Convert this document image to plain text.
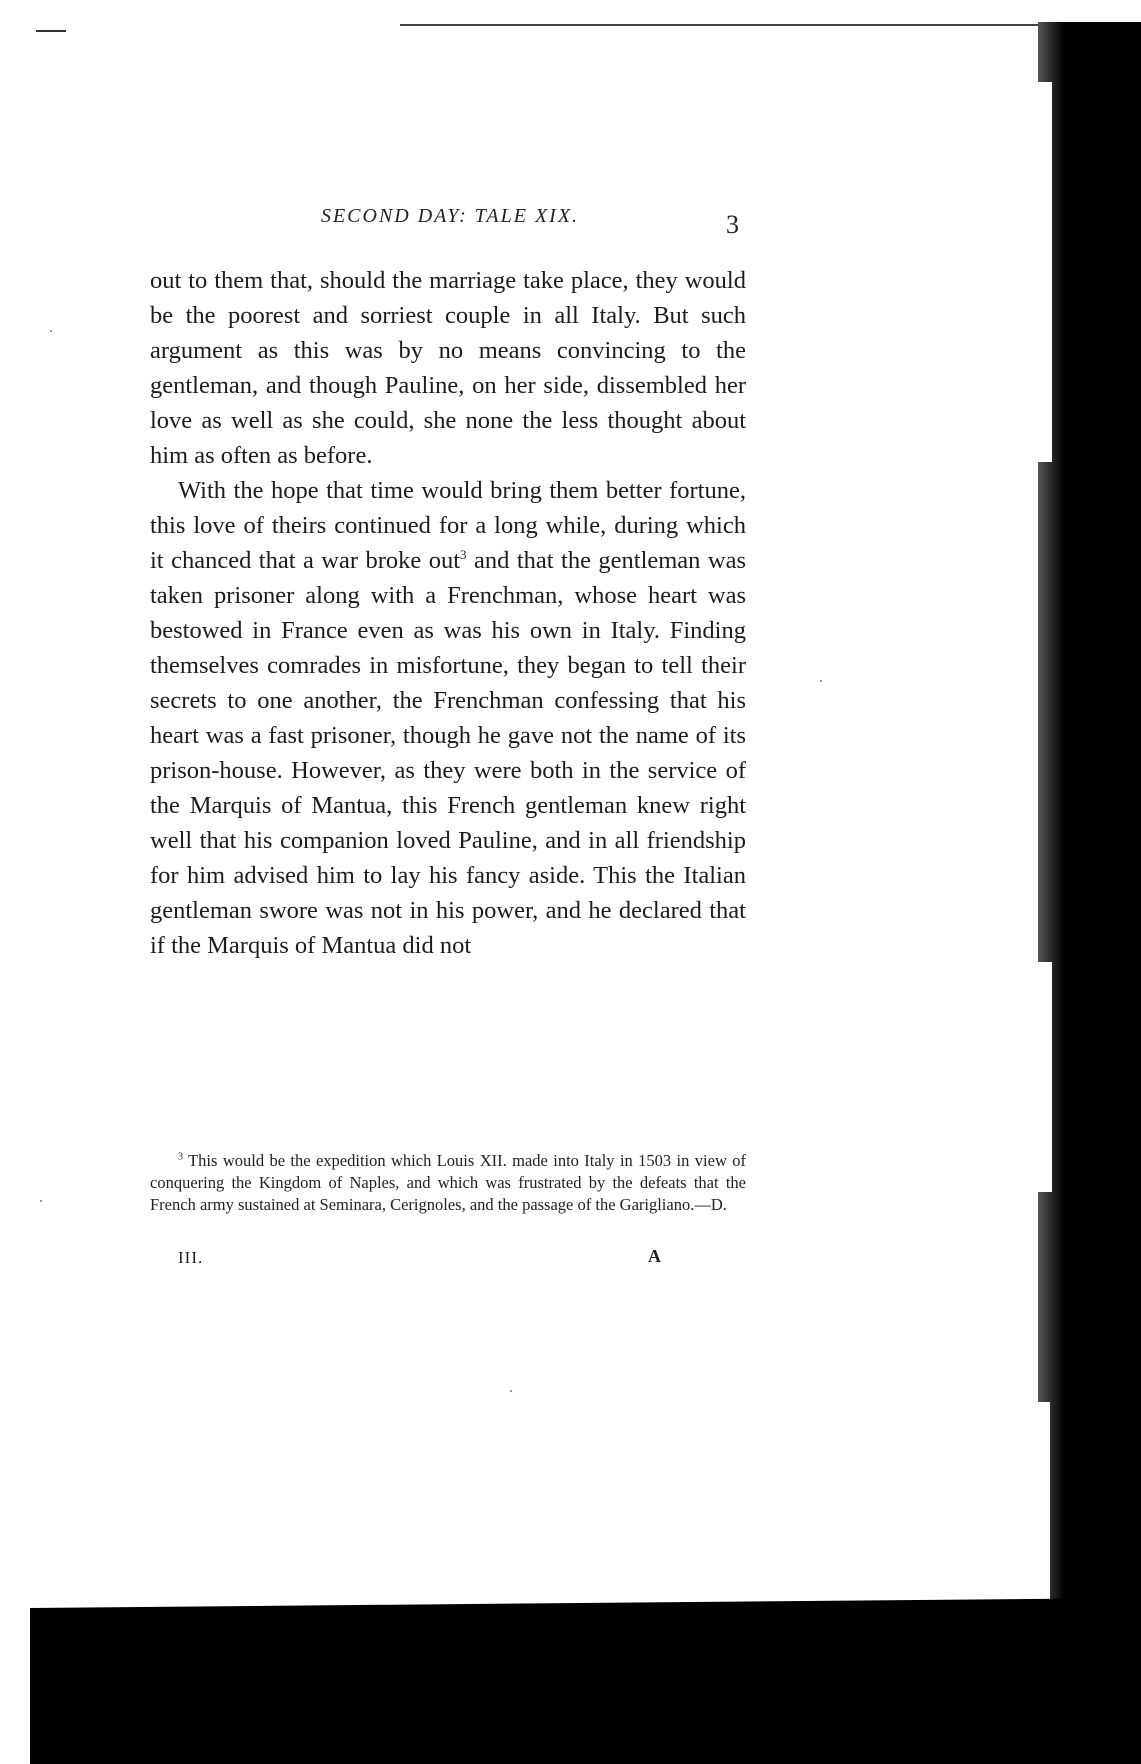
SECOND DAY: TALE XIX.	3

out to them that, should the marriage take place, they would be the poorest and sorriest couple in all Italy. But such argument as this was by no means convincing to the gentleman, and though Pauline, on her side, dissembled her love as well as she could, she none the less thought about him as often as before.

With the hope that time would bring them better fortune, this love of theirs continued for a long while, during which it chanced that a war broke out$^3$ and that the gentleman was taken prisoner along with a Frenchman, whose heart was bestowed in France even as was his own in Italy. Finding themselves comrades in misfortune, they began to tell their secrets to one another, the Frenchman confessing that his heart was a fast prisoner, though he gave not the name of its prison-house. However, as they were both in the service of the Marquis of Mantua, this French gentleman knew right well that his companion loved Pauline, and in all friendship for him advised him to lay his fancy aside. This the Italian gentleman swore was not in his power, and he declared that if the Marquis of Mantua did not

$^3$ This would be the expedition which Louis XII. made into Italy in 1503 in view of conquering the Kingdom of Naples, and which was frustrated by the defeats that the French army sustained at Seminara, Cerignoles, and the passage of the Garigliano.—D.
III.	A
